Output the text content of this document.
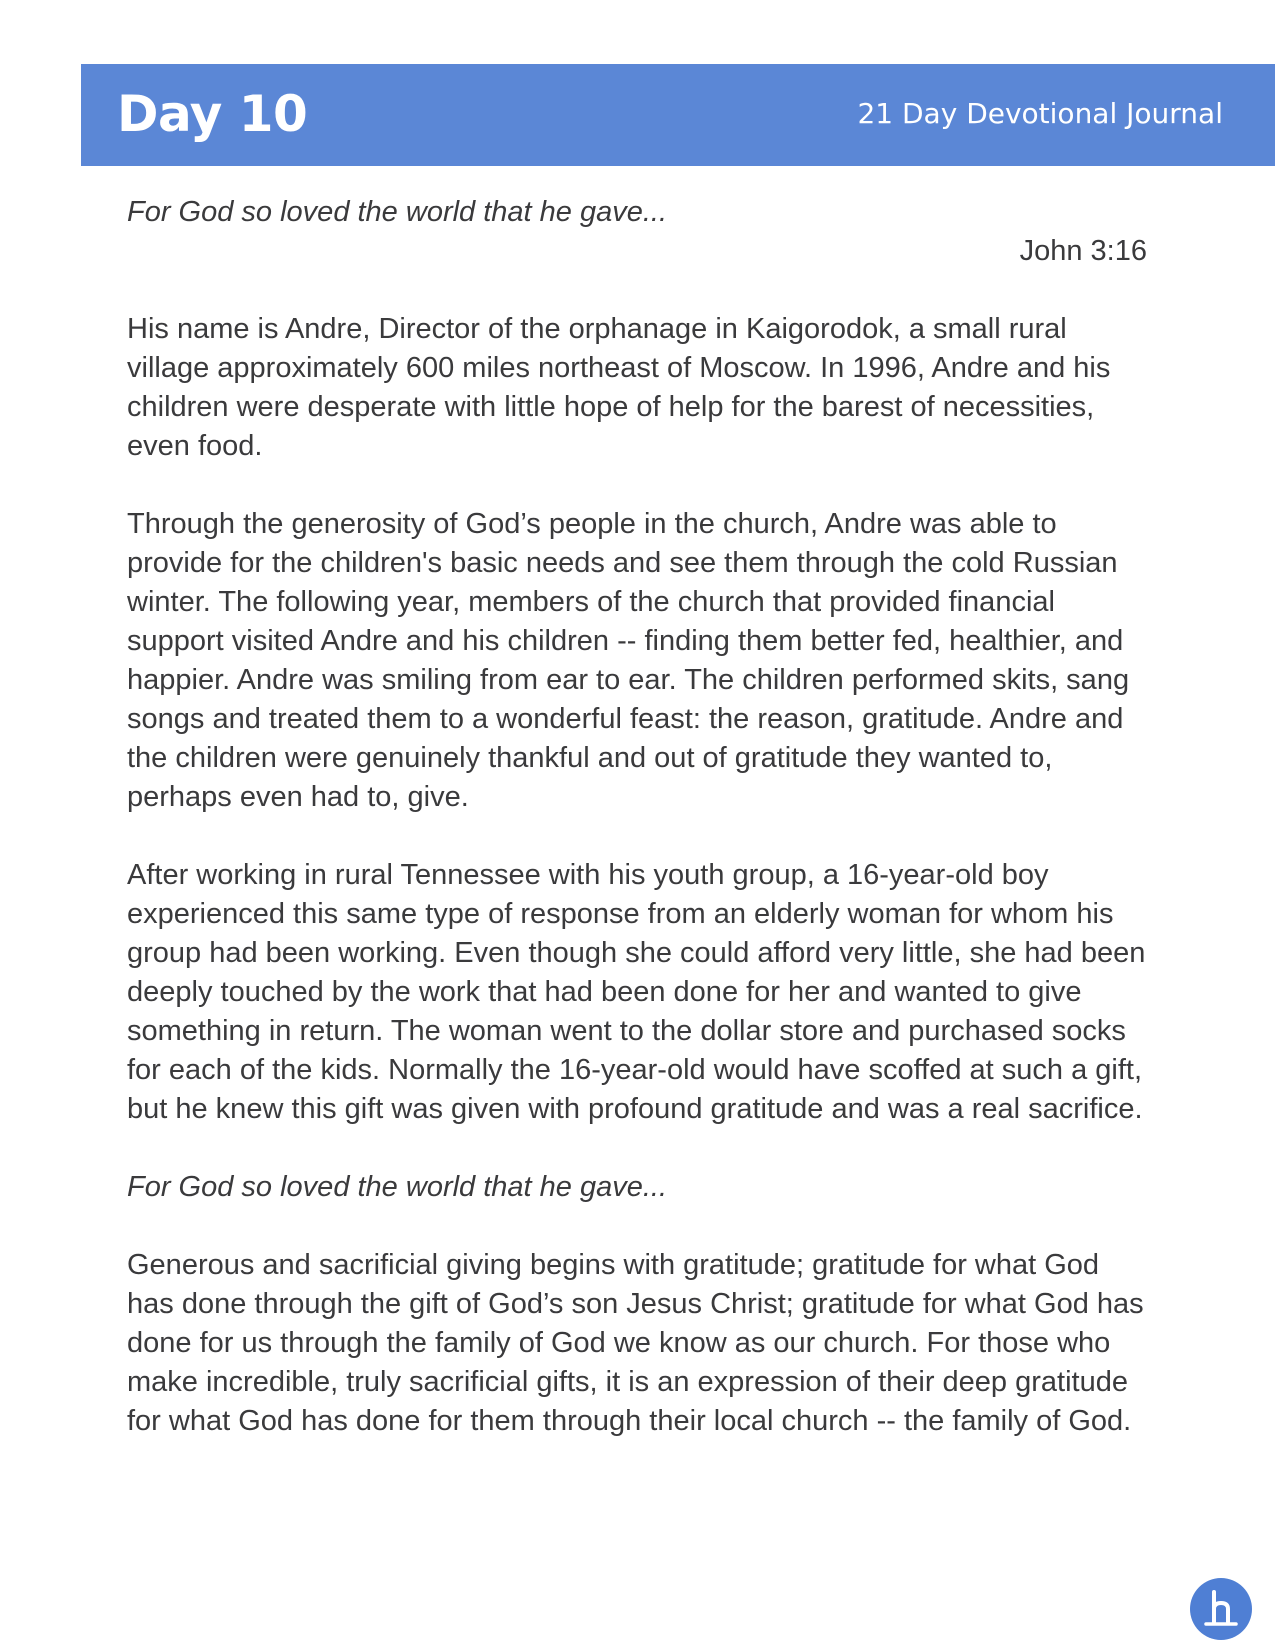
Day 10	21 Day Devotional Journal

For God so loved the world that he gave...

John 3:16

His name is Andre, Director of the orphanage in Kaigorodok, a small rural village approximately 600 miles northeast of Moscow. In 1996, Andre and his children were desperate with little hope of help for the barest of necessities, even food.

Through the generosity of God’s people in the church, Andre was able to provide for the children's basic needs and see them through the cold Russian winter. The following year, members of the church that provided financial support visited Andre and his children -- finding them better fed, healthier, and happier. Andre was smiling from ear to ear. The children performed skits, sang songs and treated them to a wonderful feast: the reason, gratitude. Andre and the children were genuinely thankful and out of gratitude they wanted to, perhaps even had to, give.

After working in rural Tennessee with his youth group, a 16-year-old boy experienced this same type of response from an elderly woman for whom his group had been working. Even though she could afford very little, she had been deeply touched by the work that had been done for her and wanted to give something in return. The woman went to the dollar store and purchased socks for each of the kids. Normally the 16-year-old would have scoffed at such a gift, but he knew this gift was given with profound gratitude and was a real sacrifice.

For God so loved the world that he gave...

Generous and sacrificial giving begins with gratitude; gratitude for what God has done through the gift of God’s son Jesus Christ; gratitude for what God has done for us through the family of God we know as our church. For those who make incredible, truly sacrificial gifts, it is an expression of their deep gratitude for what God has done for them through their local church -- the family of God.
